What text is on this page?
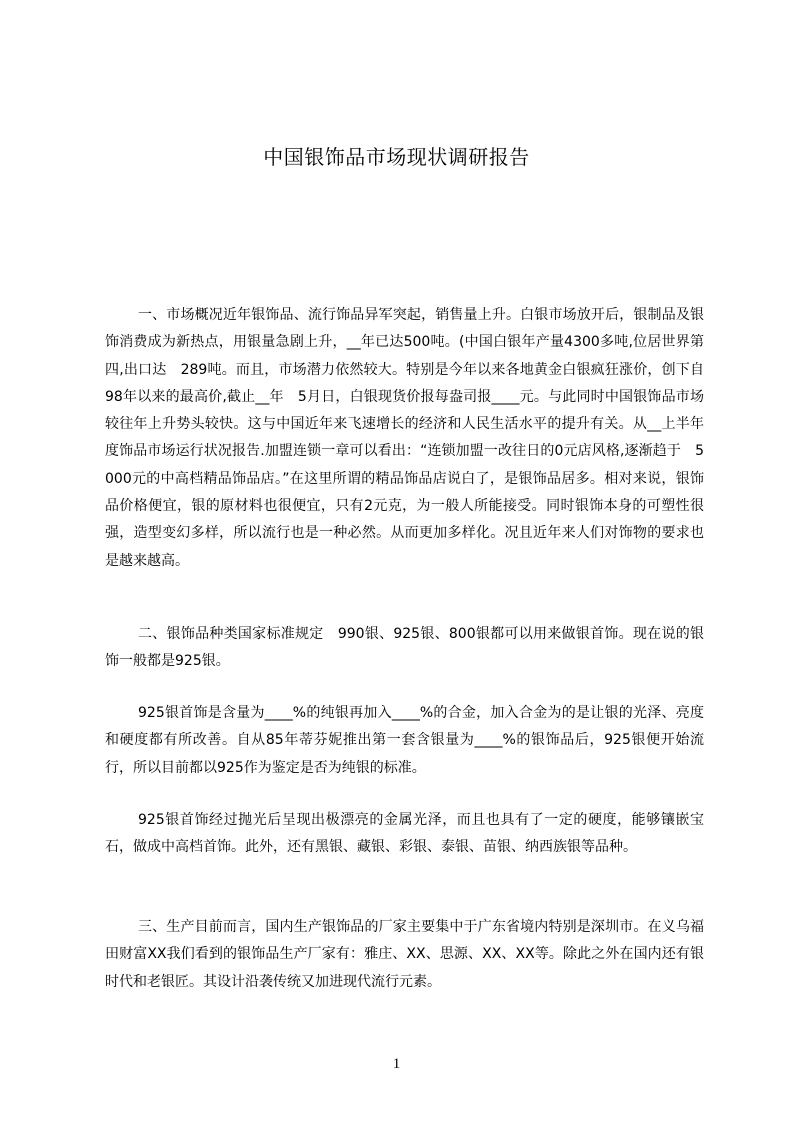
中国银饰品市场现状调研报告

一、市场概况近年银饰品、流行饰品异军突起，销售量上升。白银市场放开后，银制品及银饰消费成为新热点，用银量急剧上升，__年已达500吨。(中国白银年产量4300多吨,位居世界第四,出口达　289吨。而且，市场潜力依然较大。特别是今年以来各地黄金白银疯狂涨价，创下自98年以来的最高价,截止__年　5月日，白银现货价报每盎司报____元。与此同时中国银饰品市场较往年上升势头较快。这与中国近年来飞速增长的经济和人民生活水平的提升有关。从__上半年度饰品市场运行状况报告.加盟连锁一章可以看出：“连锁加盟一改往日的0元店风格,逐渐趋于　5000元的中高档精品饰品店。”在这里所谓的精品饰品店说白了，是银饰品居多。相对来说，银饰品价格便宜，银的原材料也很便宜，只有2元克，为一般人所能接受。同时银饰本身的可塑性很强，造型变幻多样，所以流行也是一种必然。从而更加多样化。况且近年来人们对饰物的要求也是越来越高。

二、银饰品种类国家标准规定　990银、925银、800银都可以用来做银首饰。现在说的银饰一般都是925银。

925银首饰是含量为____%的纯银再加入____%的合金，加入合金为的是让银的光泽、亮度和硬度都有所改善。自从85年蒂芬妮推出第一套含银量为____%的银饰品后，925银便开始流行，所以目前都以925作为鉴定是否为纯银的标准。

925银首饰经过抛光后呈现出极漂亮的金属光泽，而且也具有了一定的硬度，能够镶嵌宝石，做成中高档首饰。此外，还有黑银、藏银、彩银、泰银、苗银、纳西族银等品种。

三、生产目前而言，国内生产银饰品的厂家主要集中于广东省境内特别是深圳市。在义乌福田财富XX我们看到的银饰品生产厂家有：雅庄、XX、思源、XX、XX等。除此之外在国内还有银时代和老银匠。其设计沿袭传统又加进现代流行元素。

1
